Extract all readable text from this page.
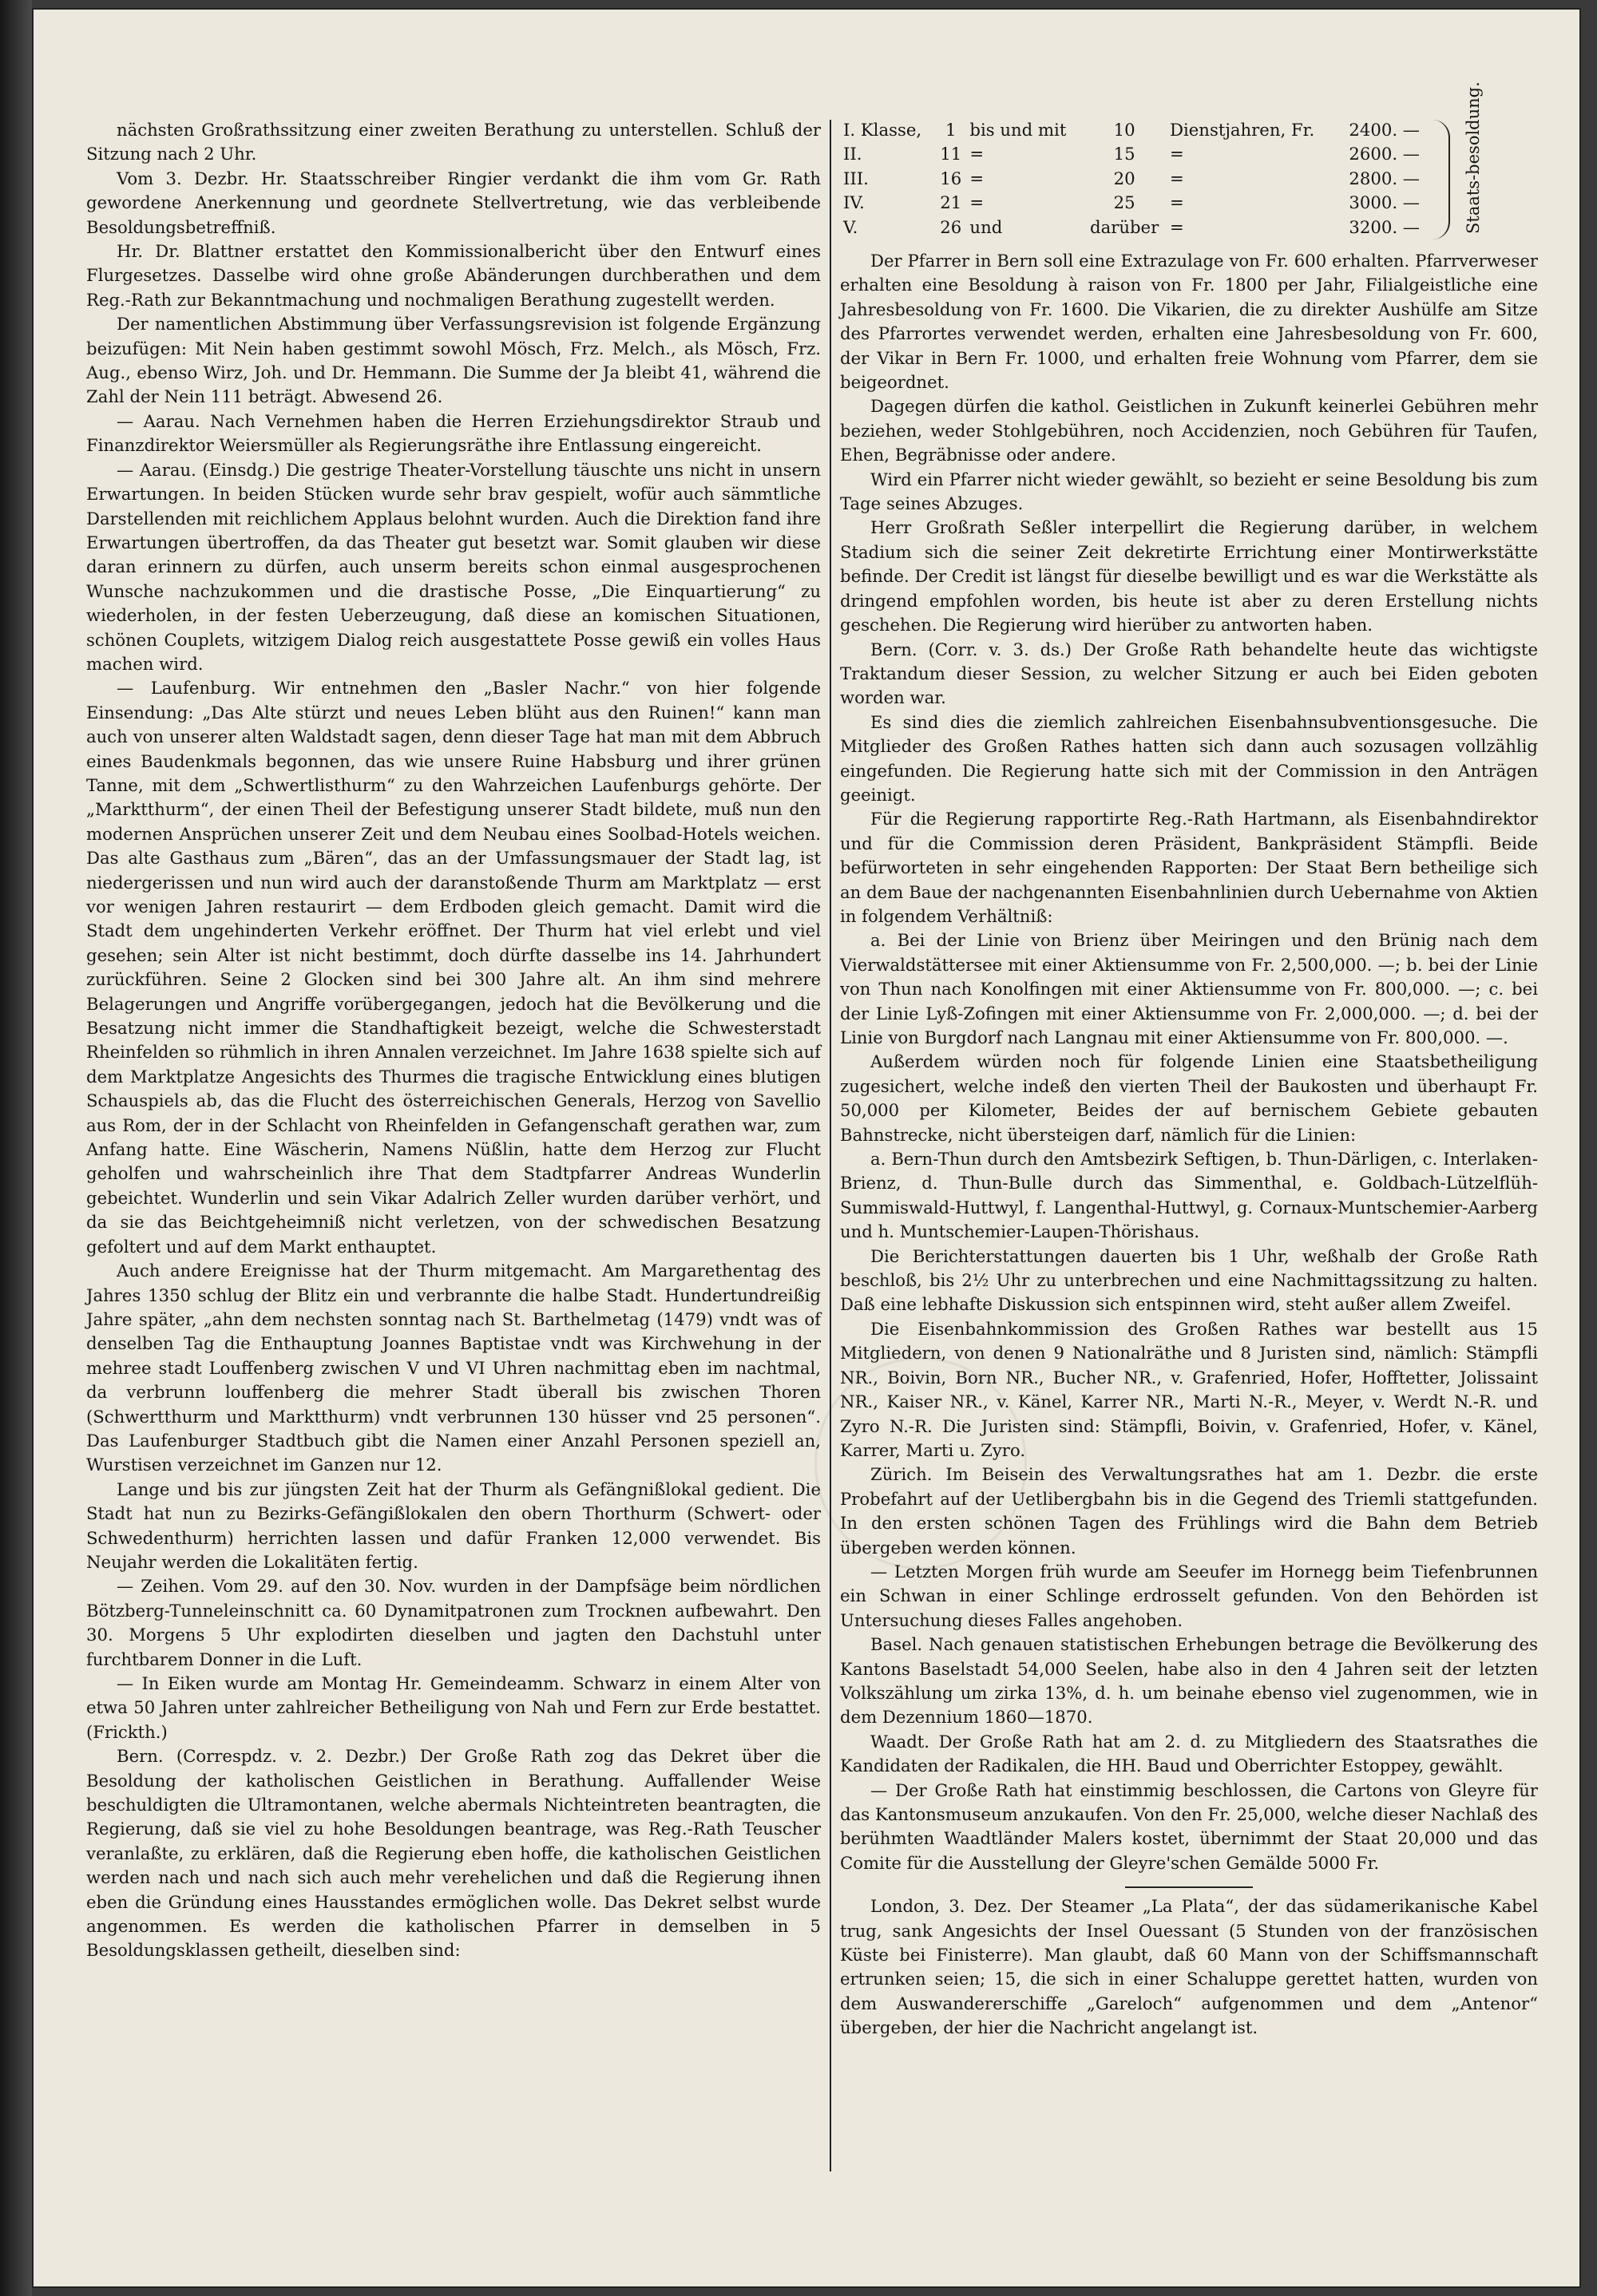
nächsten Großrathssitzung einer zweiten Berathung zu unterstellen. Schluß der Sitzung nach 2 Uhr.

Vom 3. Dezbr. Hr. Staatsschreiber Ringier verdankt die ihm vom Gr. Rath gewordene Anerkennung und geordnete Stellvertretung, wie das verbleibende Besoldungsbetreffniß.

Hr. Dr. Blattner erstattet den Kommissionalbericht über den Entwurf eines Flurgesetzes. Dasselbe wird ohne große Abänderungen durchberathen und dem Reg.-Rath zur Bekanntmachung und nochmaligen Berathung zugestellt werden.

Der namentlichen Abstimmung über Verfassungsrevision ist folgende Ergänzung beizufügen: Mit Nein haben gestimmt sowohl Mösch, Frz. Melch., als Mösch, Frz. Aug., ebenso Wirz, Joh. und Dr. Hemmann. Die Summe der Ja bleibt 41, während die Zahl der Nein 111 beträgt. Abwesend 26.

— Aarau. Nach Vernehmen haben die Herren Erziehungsdirektor Straub und Finanzdirektor Weiersmüller als Regierungsräthe ihre Entlassung eingereicht.

— Aarau. (Einsdg.) Die gestrige Theater-Vorstellung täuschte uns nicht in unsern Erwartungen. In beiden Stücken wurde sehr brav gespielt, wofür auch sämmtliche Darstellenden mit reichlichem Applaus belohnt wurden. Auch die Direktion fand ihre Erwartungen übertroffen, da das Theater gut besetzt war. Somit glauben wir diese daran erinnern zu dürfen, auch unserm bereits schon einmal ausgesprochenen Wunsche nachzukommen und die drastische Posse, „Die Einquartierung“ zu wiederholen, in der festen Ueberzeugung, daß diese an komischen Situationen, schönen Couplets, witzigem Dialog reich ausgestattete Posse gewiß ein volles Haus machen wird.

— Laufenburg. Wir entnehmen den „Basler Nachr.“ von hier folgende Einsendung: „Das Alte stürzt und neues Leben blüht aus den Ruinen!“ kann man auch von unserer alten Waldstadt sagen, denn dieser Tage hat man mit dem Abbruch eines Baudenkmals begonnen, das wie unsere Ruine Habsburg und ihrer grünen Tanne, mit dem „Schwertlisthurm“ zu den Wahrzeichen Laufenburgs gehörte. Der „Marktthurm“, der einen Theil der Befestigung unserer Stadt bildete, muß nun den modernen Ansprüchen unserer Zeit und dem Neubau eines Soolbad-Hotels weichen. Das alte Gasthaus zum „Bären“, das an der Umfassungsmauer der Stadt lag, ist niedergerissen und nun wird auch der daranstoßende Thurm am Marktplatz — erst vor wenigen Jahren restaurirt — dem Erdboden gleich gemacht. Damit wird die Stadt dem ungehinderten Verkehr eröffnet. Der Thurm hat viel erlebt und viel gesehen; sein Alter ist nicht bestimmt, doch dürfte dasselbe ins 14. Jahrhundert zurückführen. Seine 2 Glocken sind bei 300 Jahre alt. An ihm sind mehrere Belagerungen und Angriffe vorübergegangen, jedoch hat die Bevölkerung und die Besatzung nicht immer die Standhaftigkeit bezeigt, welche die Schwesterstadt Rheinfelden so rühmlich in ihren Annalen verzeichnet. Im Jahre 1638 spielte sich auf dem Marktplatze Angesichts des Thurmes die tragische Entwicklung eines blutigen Schauspiels ab, das die Flucht des österreichischen Generals, Herzog von Savellio aus Rom, der in der Schlacht von Rheinfelden in Gefangenschaft gerathen war, zum Anfang hatte. Eine Wäscherin, Namens Nüßlin, hatte dem Herzog zur Flucht geholfen und wahrscheinlich ihre That dem Stadtpfarrer Andreas Wunderlin gebeichtet. Wunderlin und sein Vikar Adalrich Zeller wurden darüber verhört, und da sie das Beichtgeheimniß nicht verletzen, von der schwedischen Besatzung gefoltert und auf dem Markt enthauptet.

Auch andere Ereignisse hat der Thurm mitgemacht. Am Margarethentag des Jahres 1350 schlug der Blitz ein und verbrannte die halbe Stadt. Hundertundreißig Jahre später, „ahn dem nechsten sonntag nach St. Barthelmetag (1479) vndt was of denselben Tag die Enthauptung Joannes Baptistae vndt was Kirchwehung in der mehree stadt Louffenberg zwischen V und VI Uhren nachmittag eben im nachtmal, da verbrunn louffenberg die mehrer Stadt überall bis zwischen Thoren (Schwertthurm und Marktthurm) vndt verbrunnen 130 hüsser vnd 25 personen“. Das Laufenburger Stadtbuch gibt die Namen einer Anzahl Personen speziell an, Wurstisen verzeichnet im Ganzen nur 12.

Lange und bis zur jüngsten Zeit hat der Thurm als Gefängnißlokal gedient. Die Stadt hat nun zu Bezirks-Gefängißlokalen den obern Thorthurm (Schwert- oder Schwedenthurm) herrichten lassen und dafür Franken 12,000 verwendet. Bis Neujahr werden die Lokalitäten fertig.

— Zeihen. Vom 29. auf den 30. Nov. wurden in der Dampfsäge beim nördlichen Bötzberg-Tunneleinschnitt ca. 60 Dynamitpatronen zum Trocknen aufbewahrt. Den 30. Morgens 5 Uhr explodirten dieselben und jagten den Dachstuhl unter furchtbarem Donner in die Luft.

— In Eiken wurde am Montag Hr. Gemeindeamm. Schwarz in einem Alter von etwa 50 Jahren unter zahlreicher Betheiligung von Nah und Fern zur Erde bestattet. (Frickth.)

Bern. (Correspdz. v. 2. Dezbr.) Der Große Rath zog das Dekret über die Besoldung der katholischen Geistlichen in Berathung. Auffallender Weise beschuldigten die Ultramontanen, welche abermals Nichteintreten beantragten, die Regierung, daß sie viel zu hohe Besoldungen beantrage, was Reg.-Rath Teuscher veranlaßte, zu erklären, daß die Regierung eben hoffe, die katholischen Geistlichen werden nach und nach sich auch mehr verehelichen und daß die Regierung ihnen eben die Gründung eines Hausstandes ermöglichen wolle. Das Dekret selbst wurde angenommen. Es werden die katholischen Pfarrer in demselben in 5 Besoldungsklassen getheilt, dieselben sind:

I. Klasse,	1	bis und mit	10	Dienstjahren, Fr.	2400. —
II.	11	=	15	=	2600. —
III.	16	=	20	=	2800. —
IV.	21	=	25	=	3000. —
V.	26	und	darüber	=	3200. —	Staats-besoldung.

Der Pfarrer in Bern soll eine Extrazulage von Fr. 600 erhalten. Pfarrverweser erhalten eine Besoldung à raison von Fr. 1800 per Jahr, Filialgeistliche eine Jahresbesoldung von Fr. 1600. Die Vikarien, die zu direkter Aushülfe am Sitze des Pfarrortes verwendet werden, erhalten eine Jahresbesoldung von Fr. 600, der Vikar in Bern Fr. 1000, und erhalten freie Wohnung vom Pfarrer, dem sie beigeordnet.

Dagegen dürfen die kathol. Geistlichen in Zukunft keinerlei Gebühren mehr beziehen, weder Stohlgebühren, noch Accidenzien, noch Gebühren für Taufen, Ehen, Begräbnisse oder andere.

Wird ein Pfarrer nicht wieder gewählt, so bezieht er seine Besoldung bis zum Tage seines Abzuges.

Herr Großrath Seßler interpellirt die Regierung darüber, in welchem Stadium sich die seiner Zeit dekretirte Errichtung einer Montirwerkstätte befinde. Der Credit ist längst für dieselbe bewilligt und es war die Werkstätte als dringend empfohlen worden, bis heute ist aber zu deren Erstellung nichts geschehen. Die Regierung wird hierüber zu antworten haben.

Bern. (Corr. v. 3. ds.) Der Große Rath behandelte heute das wichtigste Traktandum dieser Session, zu welcher Sitzung er auch bei Eiden geboten worden war.

Es sind dies die ziemlich zahlreichen Eisenbahnsubventionsgesuche. Die Mitglieder des Großen Rathes hatten sich dann auch sozusagen vollzählig eingefunden. Die Regierung hatte sich mit der Commission in den Anträgen geeinigt.

Für die Regierung rapportirte Reg.-Rath Hartmann, als Eisenbahndirektor und für die Commission deren Präsident, Bankpräsident Stämpfli. Beide befürworteten in sehr eingehenden Rapporten: Der Staat Bern betheilige sich an dem Baue der nachgenannten Eisenbahnlinien durch Uebernahme von Aktien in folgendem Verhältniß:

a. Bei der Linie von Brienz über Meiringen und den Brünig nach dem Vierwaldstättersee mit einer Aktiensumme von Fr. 2,500,000. —; b. bei der Linie von Thun nach Konolfingen mit einer Aktiensumme von Fr. 800,000. —; c. bei der Linie Lyß-Zofingen mit einer Aktiensumme von Fr. 2,000,000. —; d. bei der Linie von Burgdorf nach Langnau mit einer Aktiensumme von Fr. 800,000. —.

Außerdem würden noch für folgende Linien eine Staatsbetheiligung zugesichert, welche indeß den vierten Theil der Baukosten und überhaupt Fr. 50,000 per Kilometer, Beides der auf bernischem Gebiete gebauten Bahnstrecke, nicht übersteigen darf, nämlich für die Linien:

a. Bern-Thun durch den Amtsbezirk Seftigen, b. Thun-Därligen, c. Interlaken-Brienz, d. Thun-Bulle durch das Simmenthal, e. Goldbach-Lützelflüh-Summiswald-Huttwyl, f. Langenthal-Huttwyl, g. Cornaux-Muntschemier-Aarberg und h. Muntschemier-Laupen-Thörishaus.

Die Berichterstattungen dauerten bis 1 Uhr, weßhalb der Große Rath beschloß, bis 2½ Uhr zu unterbrechen und eine Nachmittagssitzung zu halten. Daß eine lebhafte Diskussion sich entspinnen wird, steht außer allem Zweifel.

Die Eisenbahnkommission des Großen Rathes war bestellt aus 15 Mitgliedern, von denen 9 Nationalräthe und 8 Juristen sind, nämlich: Stämpfli NR., Boivin, Born NR., Bucher NR., v. Grafenried, Hofer, Hofftetter, Jolissaint NR., Kaiser NR., v. Känel, Karrer NR., Marti N.-R., Meyer, v. Werdt N.-R. und Zyro N.-R. Die Juristen sind: Stämpfli, Boivin, v. Grafenried, Hofer, v. Känel, Karrer, Marti u. Zyro.

Zürich. Im Beisein des Verwaltungsrathes hat am 1. Dezbr. die erste Probefahrt auf der Uetlibergbahn bis in die Gegend des Triemli stattgefunden. In den ersten schönen Tagen des Frühlings wird die Bahn dem Betrieb übergeben werden können.

— Letzten Morgen früh wurde am Seeufer im Hornegg beim Tiefenbrunnen ein Schwan in einer Schlinge erdrosselt gefunden. Von den Behörden ist Untersuchung dieses Falles angehoben.

Basel. Nach genauen statistischen Erhebungen betrage die Bevölkerung des Kantons Baselstadt 54,000 Seelen, habe also in den 4 Jahren seit der letzten Volkszählung um zirka 13%, d. h. um beinahe ebenso viel zugenommen, wie in dem Dezennium 1860—1870.

Waadt. Der Große Rath hat am 2. d. zu Mitgliedern des Staatsrathes die Kandidaten der Radikalen, die HH. Baud und Oberrichter Estoppey, gewählt.

— Der Große Rath hat einstimmig beschlossen, die Cartons von Gleyre für das Kantonsmuseum anzukaufen. Von den Fr. 25,000, welche dieser Nachlaß des berühmten Waadtländer Malers kostet, übernimmt der Staat 20,000 und das Comite für die Ausstellung der Gleyre'schen Gemälde 5000 Fr.

London, 3. Dez. Der Steamer „La Plata“, der das südamerikanische Kabel trug, sank Angesichts der Insel Ouessant (5 Stunden von der französischen Küste bei Finisterre). Man glaubt, daß 60 Mann von der Schiffsmannschaft ertrunken seien; 15, die sich in einer Schaluppe gerettet hatten, wurden von dem Auswandererschiffe „Gareloch“ aufgenommen und dem „Antenor“ übergeben, der hier die Nachricht angelangt ist.
